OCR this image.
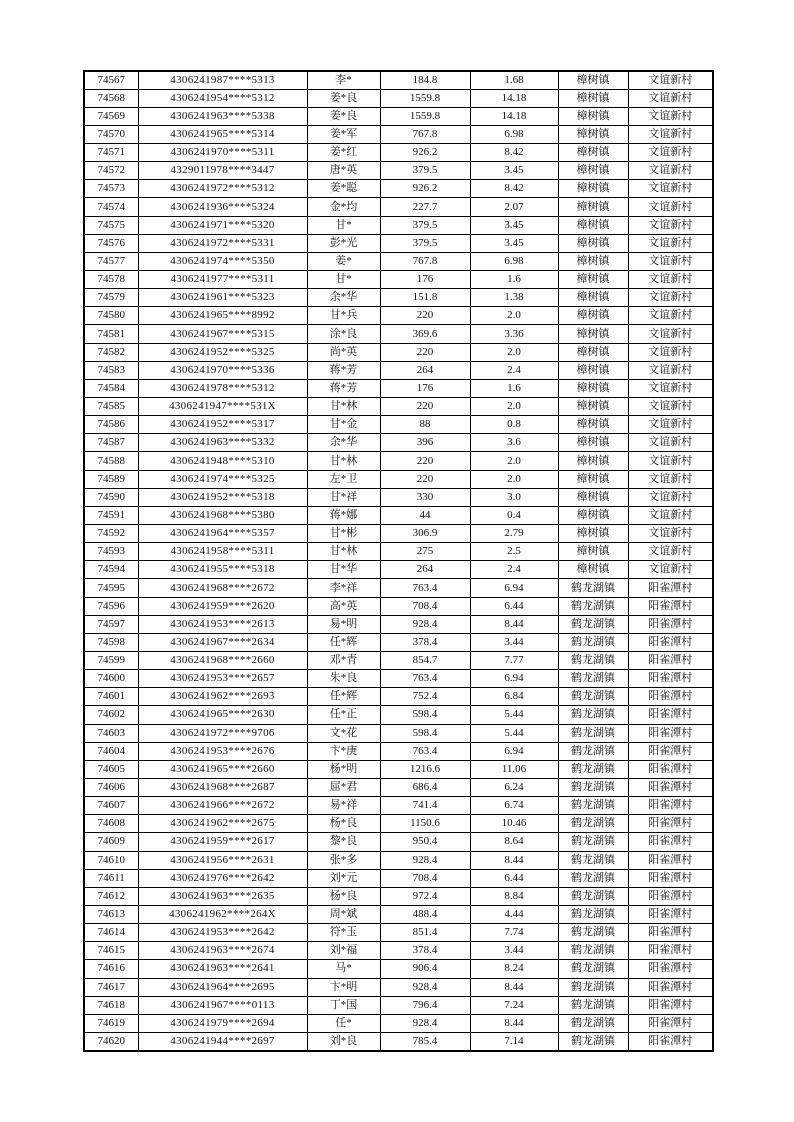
74567	4306241987****5313	李*	184.8	1.68	樟树镇	文谊新村
74568	4306241954****5312	姜*良	1559.8	14.18	樟树镇	文谊新村
74569	4306241963****5338	姜*良	1559.8	14.18	樟树镇	文谊新村
74570	4306241965****5314	姜*军	767.8	6.98	樟树镇	文谊新村
74571	4306241970****5311	姜*红	926.2	8.42	樟树镇	文谊新村
74572	4329011978****3447	唐*英	379.5	3.45	樟树镇	文谊新村
74573	4306241972****5312	姜*聪	926.2	8.42	樟树镇	文谊新村
74574	4306241936****5324	金*均	227.7	2.07	樟树镇	文谊新村
74575	4306241971****5320	甘*	379.5	3.45	樟树镇	文谊新村
74576	4306241972****5331	彭*光	379.5	3.45	樟树镇	文谊新村
74577	4306241974****5350	姜*	767.8	6.98	樟树镇	文谊新村
74578	4306241977****5311	甘*	176	1.6	樟树镇	文谊新村
74579	4306241961****5323	余*华	151.8	1.38	樟树镇	文谊新村
74580	4306241965****8992	甘*兵	220	2.0	樟树镇	文谊新村
74581	4306241967****5315	涂*良	369.6	3.36	樟树镇	文谊新村
74582	4306241952****5325	尚*英	220	2.0	樟树镇	文谊新村
74583	4306241970****5336	蒋*芳	264	2.4	樟树镇	文谊新村
74584	4306241978****5312	蒋*芳	176	1.6	樟树镇	文谊新村
74585	4306241947****531X	甘*林	220	2.0	樟树镇	文谊新村
74586	4306241952****5317	甘*金	88	0.8	樟树镇	文谊新村
74587	4306241963****5332	余*华	396	3.6	樟树镇	文谊新村
74588	4306241948****5310	甘*林	220	2.0	樟树镇	文谊新村
74589	4306241974****5325	左*卫	220	2.0	樟树镇	文谊新村
74590	4306241952****5318	甘*祥	330	3.0	樟树镇	文谊新村
74591	4306241968****5380	蒋*娜	44	0.4	樟树镇	文谊新村
74592	4306241964****5357	甘*彬	306.9	2.79	樟树镇	文谊新村
74593	4306241958****5311	甘*林	275	2.5	樟树镇	文谊新村
74594	4306241955****5318	甘*华	264	2.4	樟树镇	文谊新村
74595	4306241968****2672	李*祥	763.4	6.94	鹤龙湖镇	阳雀潭村
74596	4306241959****2620	高*英	708.4	6.44	鹤龙湖镇	阳雀潭村
74597	4306241953****2613	易*明	928.4	8.44	鹤龙湖镇	阳雀潭村
74598	4306241967****2634	任*辉	378.4	3.44	鹤龙湖镇	阳雀潭村
74599	4306241968****2660	邓*青	854.7	7.77	鹤龙湖镇	阳雀潭村
74600	4306241953****2657	朱*良	763.4	6.94	鹤龙湖镇	阳雀潭村
74601	4306241962****2693	任*辉	752.4	6.84	鹤龙湖镇	阳雀潭村
74602	4306241965****2630	任*正	598.4	5.44	鹤龙湖镇	阳雀潭村
74603	4306241972****9706	文*花	598.4	5.44	鹤龙湖镇	阳雀潭村
74604	4306241953****2676	卞*庚	763.4	6.94	鹤龙湖镇	阳雀潭村
74605	4306241965****2660	杨*明	1216.6	11.06	鹤龙湖镇	阳雀潭村
74606	4306241968****2687	屈*君	686.4	6.24	鹤龙湖镇	阳雀潭村
74607	4306241966****2672	易*祥	741.4	6.74	鹤龙湖镇	阳雀潭村
74608	4306241962****2675	杨*良	1150.6	10.46	鹤龙湖镇	阳雀潭村
74609	4306241959****2617	黎*良	950.4	8.64	鹤龙湖镇	阳雀潭村
74610	4306241956****2631	张*多	928.4	8.44	鹤龙湖镇	阳雀潭村
74611	4306241976****2642	刘*元	708.4	6.44	鹤龙湖镇	阳雀潭村
74612	4306241963****2635	杨*良	972.4	8.84	鹤龙湖镇	阳雀潭村
74613	4306241962****264X	周*斌	488.4	4.44	鹤龙湖镇	阳雀潭村
74614	4306241953****2642	符*玉	851.4	7.74	鹤龙湖镇	阳雀潭村
74615	4306241963****2674	刘*福	378.4	3.44	鹤龙湖镇	阳雀潭村
74616	4306241963****2641	马*	906.4	8.24	鹤龙湖镇	阳雀潭村
74617	4306241964****2695	卞*明	928.4	8.44	鹤龙湖镇	阳雀潭村
74618	4306241967****0113	丁*国	796.4	7.24	鹤龙湖镇	阳雀潭村
74619	4306241979****2694	任*	928.4	8.44	鹤龙湖镇	阳雀潭村
74620	4306241944****2697	刘*良	785.4	7.14	鹤龙湖镇	阳雀潭村
